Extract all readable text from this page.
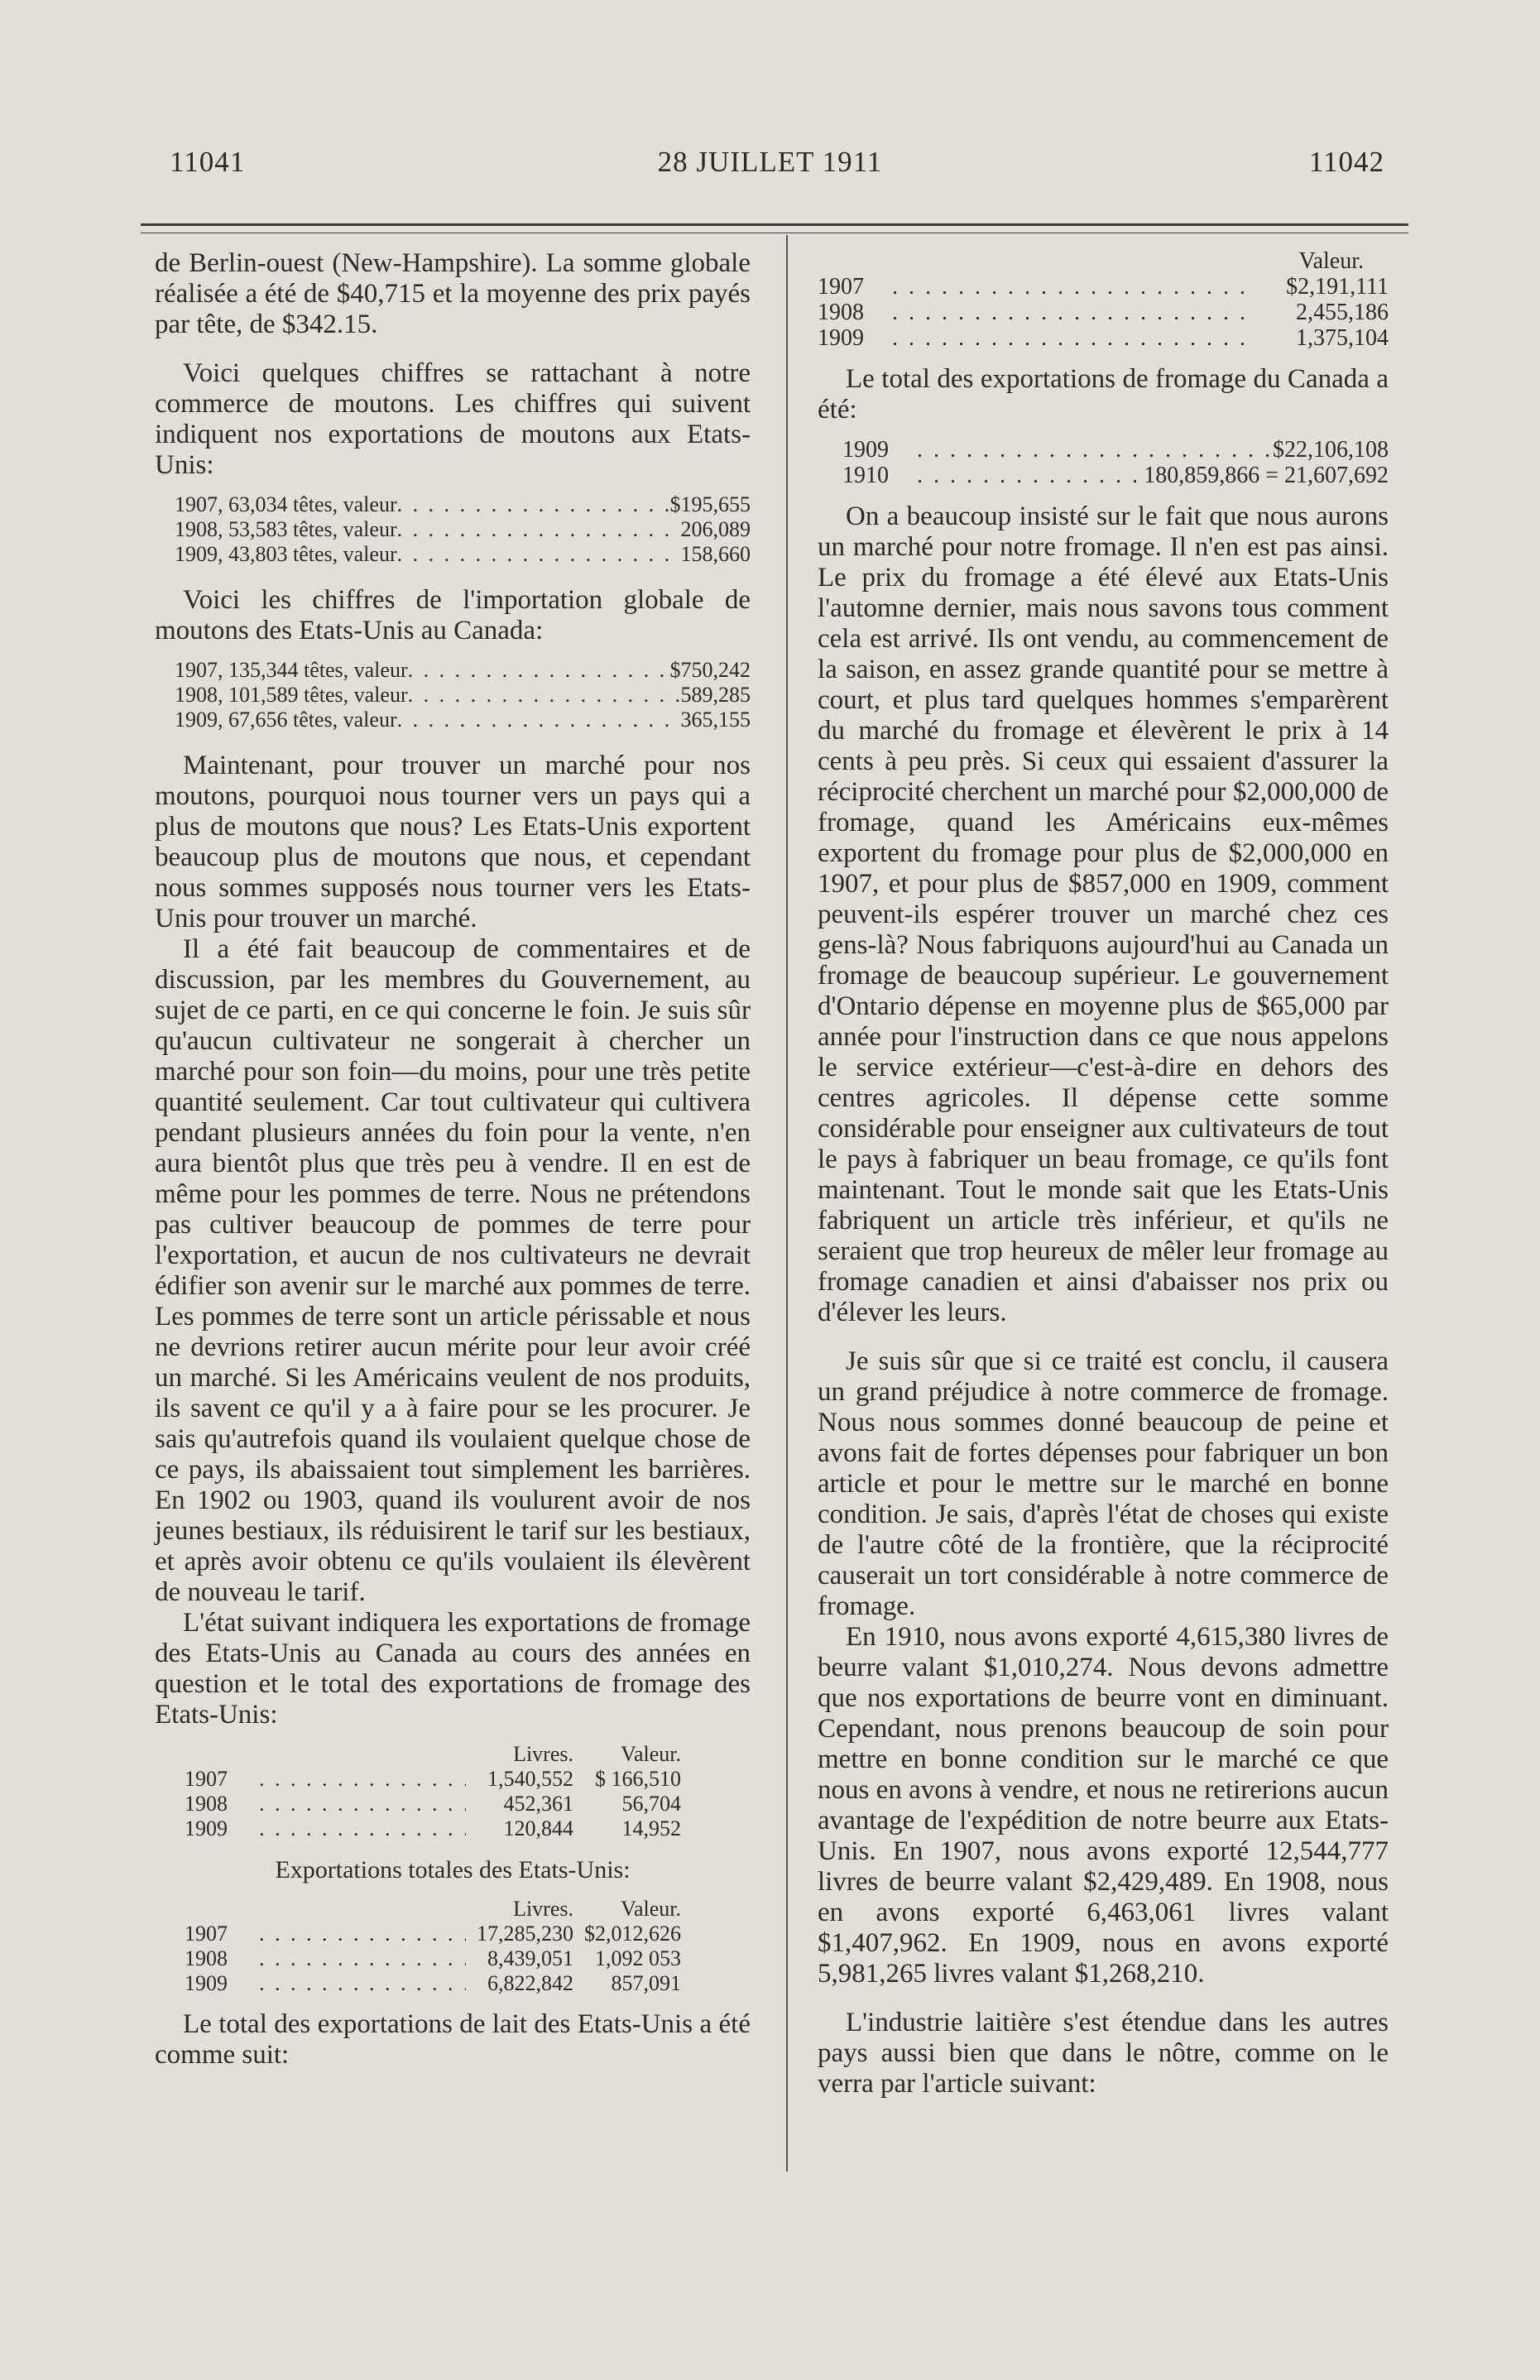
11041	28 JUILLET 1911	11042

de Berlin-ouest (New-Hampshire). La somme globale réalisée a été de $40,715 et la moyenne des prix payés par tête, de $342.15.

Voici quelques chiffres se rattachant à notre commerce de moutons. Les chiffres qui suivent indiquent nos exportations de moutons aux Etats-Unis:

1907, 63,034 têtes, valeur . . .	$195,655
1908, 53,583 têtes, valeur . . .	206,089
1909, 43,803 têtes, valeur . . .	158,660

Voici les chiffres de l'importation globale de moutons des Etats-Unis au Canada:

1907, 135,344 têtes, valeur . . .	$750,242
1908, 101,589 têtes, valeur . . .	589,285
1909, 67,656 têtes, valeur . . .	365,155

Maintenant, pour trouver un marché pour nos moutons, pourquoi nous tourner vers un pays qui a plus de moutons que nous? Les Etats-Unis exportent beaucoup plus de moutons que nous, et cependant nous sommes supposés nous tourner vers les Etats-Unis pour trouver un marché.

Il a été fait beaucoup de commentaires et de discussion, par les membres du Gouvernement, au sujet de ce parti, en ce qui concerne le foin. Je suis sûr qu'aucun cultivateur ne songerait à chercher un marché pour son foin—du moins, pour une très petite quantité seulement. Car tout cultivateur qui cultivera pendant plusieurs années du foin pour la vente, n'en aura bientôt plus que très peu à vendre. Il en est de même pour les pommes de terre. Nous ne prétendons pas cultiver beaucoup de pommes de terre pour l'exportation, et aucun de nos cultivateurs ne devrait édifier son avenir sur le marché aux pommes de terre. Les pommes de terre sont un article périssable et nous ne devrions retirer aucun mérite pour leur avoir créé un marché. Si les Américains veulent de nos produits, ils savent ce qu'il y a à faire pour se les procurer. Je sais qu'autrefois quand ils voulaient quelque chose de ce pays, ils abaissaient tout simplement les barrières. En 1902 ou 1903, quand ils voulurent avoir de nos jeunes bestiaux, ils réduisirent le tarif sur les bestiaux, et après avoir obtenu ce qu'ils voulaient ils élevèrent de nouveau le tarif.

L'état suivant indiquera les exportations de fromage des Etats-Unis au Canada au cours des années en question et le total des exportations de fromage des Etats-Unis:

Livres.	Valeur.
1907 . . .	1,540,552	$ 166,510
1908 . . .	452,361	56,704
1909 . . .	120,844	14,952
Exportations totales des Etats-Unis:
Livres.	Valeur.
1907 . . .	17,285,230 $2,012,626
1908 . . .	8,439,051	1,092 053
1909 . . .	6,822,842	857,091

Le total des exportations de lait des Etats-Unis a été comme suit:

Valeur.
1907 . . .	$2,191,111
1908 . . .	2,455,186
1909 . . .	1,375,104

Le total des exportations de fromage du Canada a été:

1909 . . .	$22,106,108
1910 . . .	180,859,866 = 21,607,692

On a beaucoup insisté sur le fait que nous aurons un marché pour notre fromage. Il n'en est pas ainsi. Le prix du fromage a été élevé aux Etats-Unis l'automne dernier, mais nous savons tous comment cela est arrivé. Ils ont vendu, au commencement de la saison, en assez grande quantité pour se mettre à court, et plus tard quelques hommes s'emparèrent du marché du fromage et élevèrent le prix à 14 cents à peu près. Si ceux qui essaient d'assurer la réciprocité cherchent un marché pour $2,000,000 de fromage, quand les Américains eux-mêmes exportent du fromage pour plus de $2,000,000 en 1907, et pour plus de $857,000 en 1909, comment peuvent-ils espérer trouver un marché chez ces gens-là? Nous fabriquons aujourd'hui au Canada un fromage de beaucoup supérieur. Le gouvernement d'Ontario dépense en moyenne plus de $65,000 par année pour l'instruction dans ce que nous appelons le service extérieur—c'est-à-dire en dehors des centres agricoles. Il dépense cette somme considérable pour enseigner aux cultivateurs de tout le pays à fabriquer un beau fromage, ce qu'ils font maintenant. Tout le monde sait que les Etats-Unis fabriquent un article très inférieur, et qu'ils ne seraient que trop heureux de mêler leur fromage au fromage canadien et ainsi d'abaisser nos prix ou d'élever les leurs.

Je suis sûr que si ce traité est conclu, il causera un grand préjudice à notre commerce de fromage. Nous nous sommes donné beaucoup de peine et avons fait de fortes dépenses pour fabriquer un bon article et pour le mettre sur le marché en bonne condition. Je sais, d'après l'état de choses qui existe de l'autre côté de la frontière, que la réciprocité causerait un tort considérable à notre commerce de fromage.

En 1910, nous avons exporté 4,615,380 livres de beurre valant $1,010,274. Nous devons admettre que nos exportations de beurre vont en diminuant. Cependant, nous prenons beaucoup de soin pour mettre en bonne condition sur le marché ce que nous en avons à vendre, et nous ne retirerions aucun avantage de l'expédition de notre beurre aux Etats-Unis. En 1907, nous avons exporté 12,544,777 livres de beurre valant $2,429,489. En 1908, nous en avons exporté 6,463,061 livres valant $1,407,962. En 1909, nous en avons exporté 5,981,265 livres valant $1,268,210.

L'industrie laitière s'est étendue dans les autres pays aussi bien que dans le nôtre, comme on le verra par l'article suivant:
